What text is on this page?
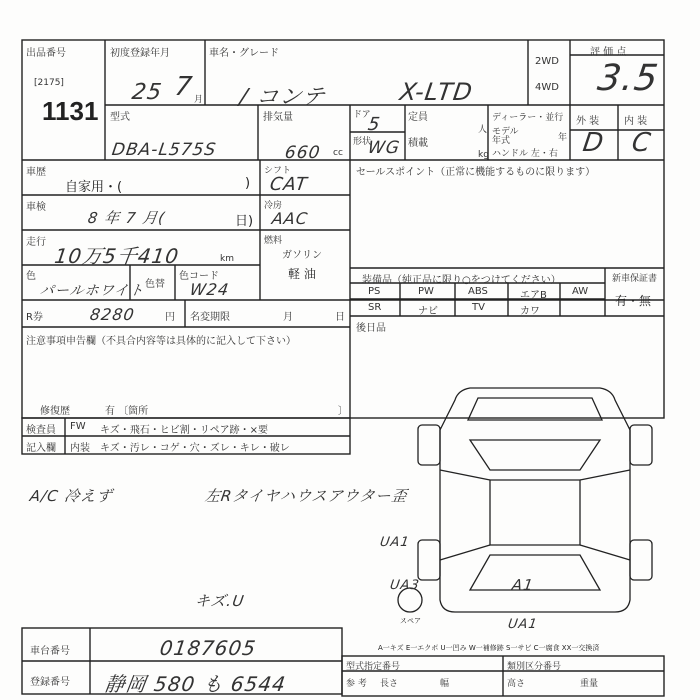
出品番号
[2175]
1131
初度登録年月
25 7 月
車名・グレード
/ コンテ	X-LTD
2WD
4WD
評 価 点
3.5
外 装 内 装
D C
型式
DBA-L575S
排気量
660 cc
ドア
5
形状
WG
定員
人
積載
kg
ディーラー・並行
モデル
年式	年
ハンドル 左・右
車歴
自家用・(	)
車検
8 年 7 月(	日)
走行
10万5千410	km
色
パールホワイト 色替
色コード
W24
シフト
CAT
冷房
AAC
燃料
ガソリン
軽 油
R券	8280	円 名変期限	月	日
注意事項申告欄（不具合内容等は具体的に記入して下さい）
修復歴	有 〔箇所	〕
検査員 FW キズ・飛石・ヒビ割・リペア跡・×要
記入欄 内装 キズ・汚レ・コゲ・穴・ズレ・キレ・破レ
A/C 冷えず	左Rタイヤハウスアウター歪
キズ.U
セールスポイント（正常に機能するものに限ります）
装備品（純正品に限り○をつけてください）	新車保証書
PS	PW	ABS	エアB	AW
SR	ナビ	TV	カワ
有・無
後日品
UA1
UA3	A1
UA1
スペア
A一キズ E一エクボ U一凹み W一補修跡 S一サビ C一腐食 XX一交換済
車台番号	0187605
登録番号 静岡 580 も 6544
型式指定番号	類別区分番号
参 考 長さ	幅	高さ	重量
